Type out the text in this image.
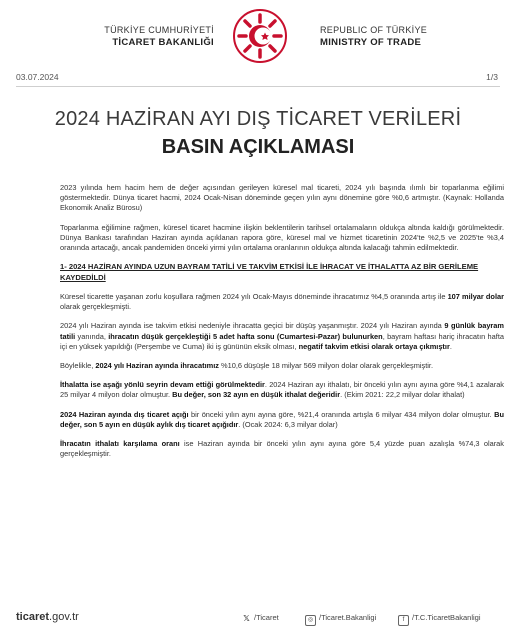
TÜRKİYE CUMHURİYETİ
TİCARET BAKANLIĞI
REPUBLIC OF TÜRKİYE
MINISTRY OF TRADE
03.07.2024	1/3
2024 HAZİRAN AYI DIŞ TİCARET VERİLERİ
BASIN AÇIKLAMASI

2023 yılında hem hacim hem de değer açısından gerileyen küresel mal ticareti, 2024 yılı başında ılımlı bir toparlanma eğilimi göstermektedir. Dünya ticaret hacmi, 2024 Ocak-Nisan döneminde geçen yılın aynı dönemine göre %0,6 artmıştır. (Kaynak: Hollanda Ekonomik Analiz Bürosu)

Toparlanma eğilimine rağmen, küresel ticaret hacmine ilişkin beklentilerin tarihsel ortalamaların oldukça altında kaldığı görülmektedir. Dünya Bankası tarafından Haziran ayında açıklanan rapora göre, küresel mal ve hizmet ticaretinin 2024'te %2,5 ve 2025'te %3,4 oranında artacağı, ancak pandemiden önceki yirmi yılın ortalama oranlarının oldukça altında kalacağı tahmin edilmektedir.

1- 2024 HAZİRAN AYINDA UZUN BAYRAM TATİLİ VE TAKVİM ETKİSİ İLE İHRACAT VE İTHALATTA AZ BİR GERİLEME KAYDEDİLDİ

Küresel ticarette yaşanan zorlu koşullara rağmen 2024 yılı Ocak-Mayıs döneminde ihracatımız %4,5 oranında artış ile 107 milyar dolar olarak gerçekleşmişti.

2024 yılı Haziran ayında ise takvim etkisi nedeniyle ihracatta geçici bir düşüş yaşanmıştır. 2024 yılı Haziran ayında 9 günlük bayram tatili yanında, ihracatın düşük gerçekleştiği 5 adet hafta sonu (Cumartesi-Pazar) bulunurken, bayram haftası hariç ihracatın hafta içi en yüksek yapıldığı (Perşembe ve Cuma) iki iş gününün eksik olması, negatif takvim etkisi olarak ortaya çıkmıştır.

Böylelikle, 2024 yılı Haziran ayında ihracatımız %10,6 düşüşle 18 milyar 569 milyon dolar olarak gerçekleşmiştir.

İthalatta ise aşağı yönlü seyrin devam ettiği görülmektedir. 2024 Haziran ayı ithalatı, bir önceki yılın aynı ayına göre %4,1 azalarak 25 milyar 4 milyon dolar olmuştur. Bu değer, son 32 ayın en düşük ithalat değeridir. (Ekim 2021: 22,2 milyar dolar ithalat)

2024 Haziran ayında dış ticaret açığı bir önceki yılın aynı ayına göre, %21,4 oranında artışla 6 milyar 434 milyon dolar olmuştur. Bu değer, son 5 ayın en düşük aylık dış ticaret açığıdır. (Ocak 2024: 6,3 milyar dolar)

İhracatın ithalatı karşılama oranı ise Haziran ayında bir önceki yılın aynı ayına göre 5,4 yüzde puan azalışla %74,3 olarak gerçekleşmiştir.

ticaret.gov.tr	𝕏 /Ticaret	◎ /Ticaret.Bakanligi	f /T.C.TicaretBakanligi
